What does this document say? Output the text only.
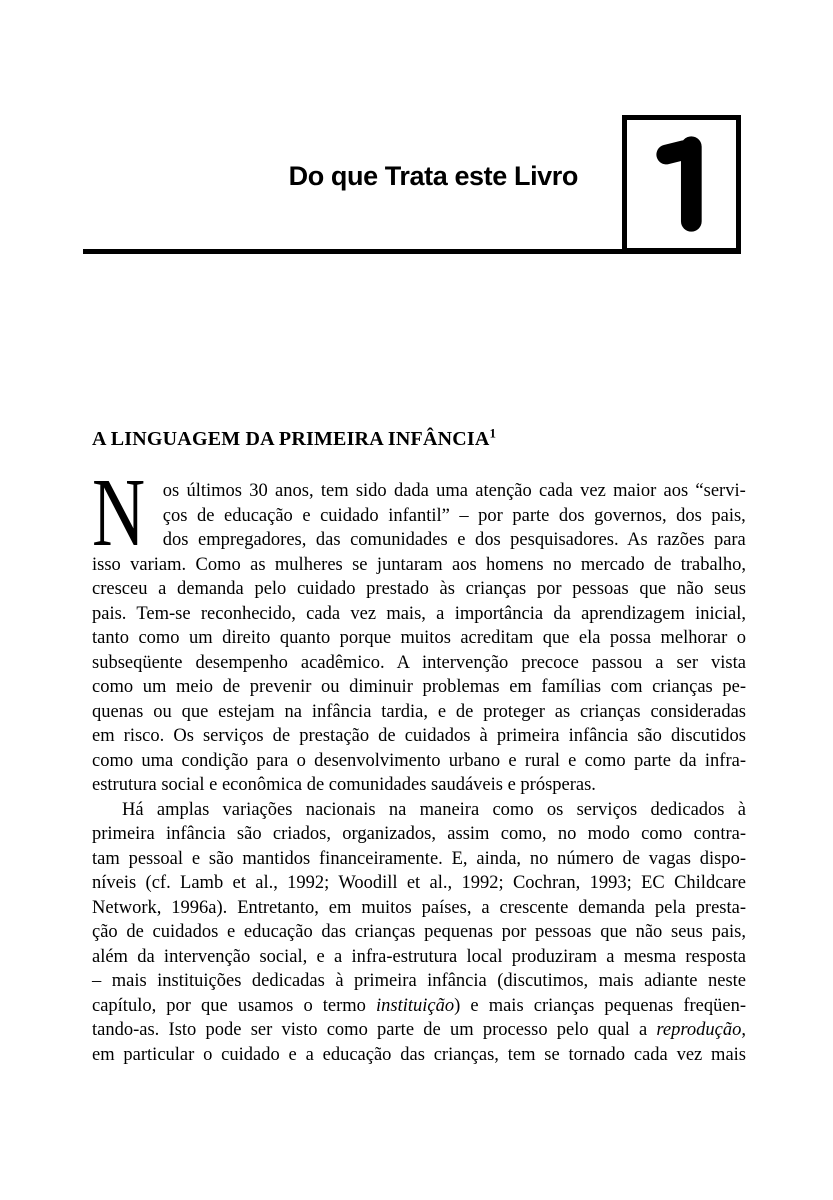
Do que Trata este Livro
A LINGUAGEM DA PRIMEIRA INFÂNCIA$^1$
N os últimos 30 anos, tem sido dada uma atenção cada vez maior aos “servi-
ços de educação e cuidado infantil” – por parte dos governos, dos pais,
dos empregadores, das comunidades e dos pesquisadores. As razões para
isso variam. Como as mulheres se juntaram aos homens no mercado de trabalho,
cresceu a demanda pelo cuidado prestado às crianças por pessoas que não seus
pais. Tem-se reconhecido, cada vez mais, a importância da aprendizagem inicial,
tanto como um direito quanto porque muitos acreditam que ela possa melhorar o
subseqüente desempenho acadêmico. A intervenção precoce passou a ser vista
como um meio de prevenir ou diminuir problemas em famílias com crianças pe-
quenas ou que estejam na infância tardia, e de proteger as crianças consideradas
em risco. Os serviços de prestação de cuidados à primeira infância são discutidos
como uma condição para o desenvolvimento urbano e rural e como parte da infra-
estrutura social e econômica de comunidades saudáveis e prósperas.
Há amplas variações nacionais na maneira como os serviços dedicados à
primeira infância são criados, organizados, assim como, no modo como contra-
tam pessoal e são mantidos financeiramente. E, ainda, no número de vagas dispo-
níveis (cf. Lamb et al., 1992; Woodill et al., 1992; Cochran, 1993; EC Childcare
Network, 1996a). Entretanto, em muitos países, a crescente demanda pela presta-
ção de cuidados e educação das crianças pequenas por pessoas que não seus pais,
além da intervenção social, e a infra-estrutura local produziram a mesma resposta
– mais instituições dedicadas à primeira infância (discutimos, mais adiante neste
capítulo, por que usamos o termo instituição) e mais crianças pequenas freqüen-
tando-as. Isto pode ser visto como parte de um processo pelo qual a reprodução,
em particular o cuidado e a educação das crianças, tem se tornado cada vez mais
